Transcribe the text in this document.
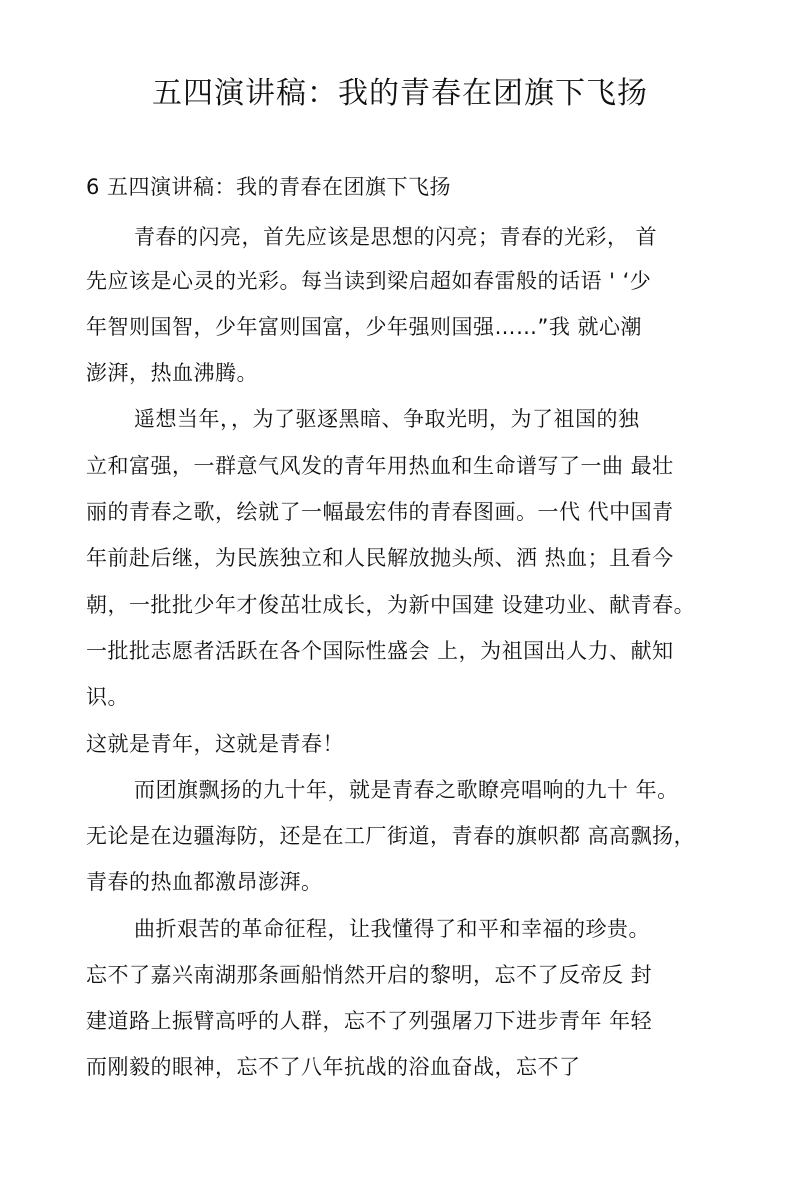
五四演讲稿：我的青春在团旗下飞扬
6 五四演讲稿：我的青春在团旗下飞扬
青春的闪亮，首先应该是思想的闪亮；青春的光彩， 首
先应该是心灵的光彩。每当读到梁启超如春雷般的话语 ' ‘少
年智则国智，少年富则国富，少年强则国强……”我 就心潮
澎湃，热血沸腾。
遥想当年，，为了驱逐黑暗、争取光明，为了祖国的独
立和富强，一群意气风发的青年用热血和生命谱写了一曲 最壮
丽的青春之歌，绘就了一幅最宏伟的青春图画。一代 代中国青
年前赴后继，为民族独立和人民解放抛头颅、洒 热血；且看今
朝，一批批少年才俊茁壮成长，为新中国建 设建功业、献青春。
一批批志愿者活跃在各个国际性盛会 上，为祖国出人力、献知
识。
这就是青年，这就是青春！
而团旗飘扬的九十年，就是青春之歌瞭亮唱响的九十 年。
无论是在边疆海防，还是在工厂街道，青春的旗帜都 高高飘扬，
青春的热血都激昂澎湃。
曲折艰苦的革命征程，让我懂得了和平和幸福的珍贵。
忘不了嘉兴南湖那条画船悄然开启的黎明，忘不了反帝反 封
建道路上振臂高呼的人群，忘不了列强屠刀下进步青年 年轻
而刚毅的眼神，忘不了八年抗战的浴血奋战，忘不了
